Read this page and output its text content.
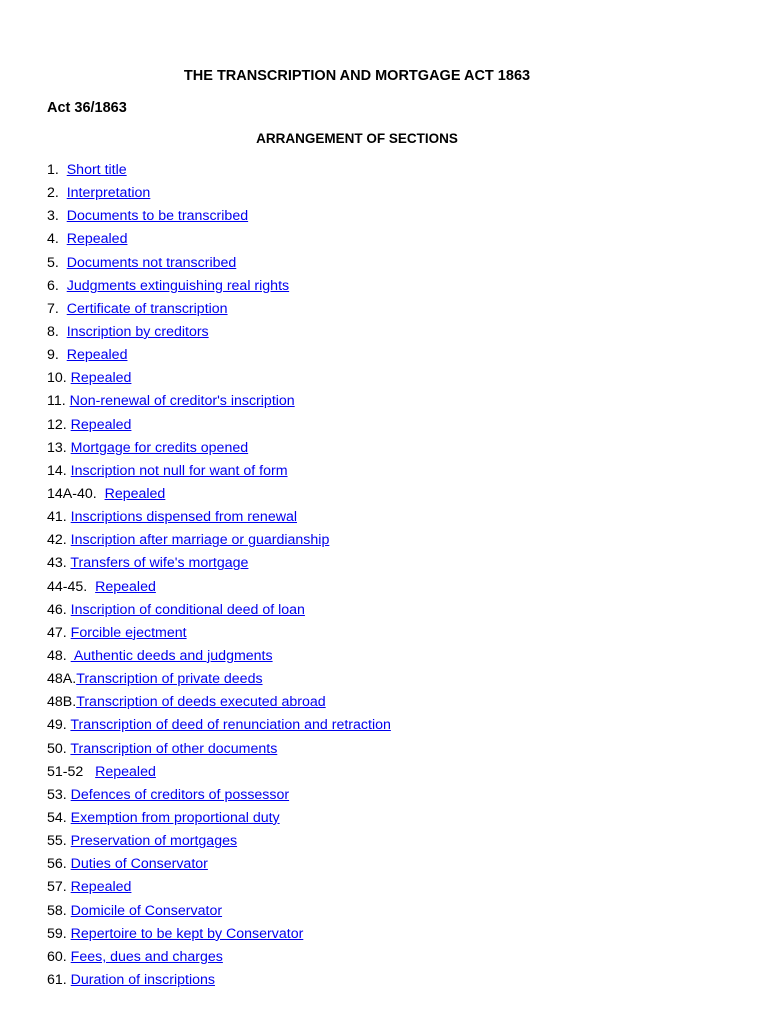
THE TRANSCRIPTION AND MORTGAGE ACT 1863
Act 36/1863
ARRANGEMENT OF SECTIONS
1.  Short title
2.  Interpretation
3.  Documents to be transcribed
4.  Repealed
5.  Documents not transcribed
6.  Judgments extinguishing real rights
7.  Certificate of transcription
8.  Inscription by creditors
9.  Repealed
10. Repealed
11. Non-renewal of creditor's inscription
12. Repealed
13. Mortgage for credits opened
14. Inscription not null for want of form
14A-40.  Repealed
41. Inscriptions dispensed from renewal
42. Inscription after marriage or guardianship
43. Transfers of wife's mortgage
44-45.  Repealed
46. Inscription of conditional deed of loan
47. Forcible ejectment
48.  Authentic deeds and judgments
48A.Transcription of private deeds
48B.Transcription of deeds executed abroad
49. Transcription of deed of renunciation and retraction
50. Transcription of other documents
51-52   Repealed
53. Defences of creditors of possessor
54. Exemption from proportional duty
55. Preservation of mortgages
56. Duties of Conservator
57. Repealed
58. Domicile of Conservator
59. Repertoire to be kept by Conservator
60. Fees, dues and charges
61. Duration of inscriptions
